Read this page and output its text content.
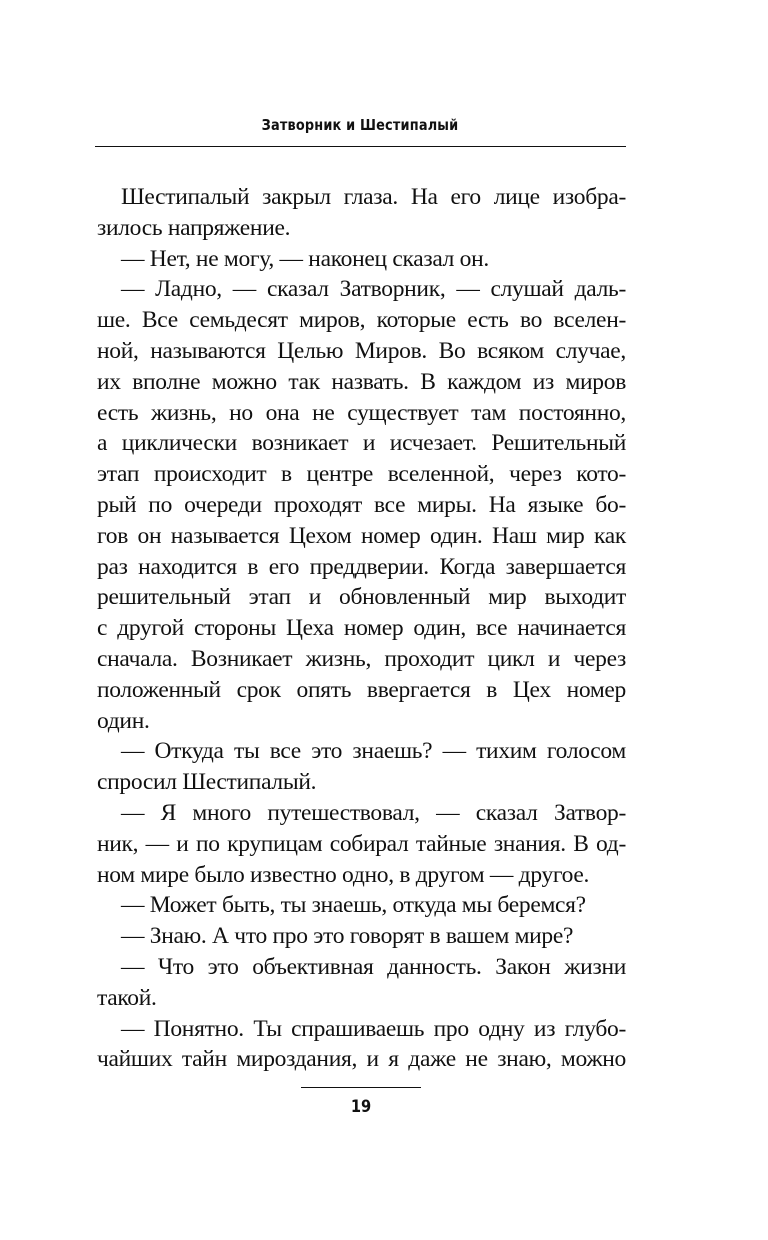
Затворник и Шестипалый
Шестипалый закрыл глаза. На его лице изобра-
зилось напряжение.
— Нет, не могу, — наконец сказал он.
— Ладно, — сказал Затворник, — слушай даль-
ше. Все семьдесят миров, которые есть во вселен-
ной, называются Целью Миров. Во всяком случае,
их вполне можно так назвать. В каждом из миров
есть жизнь, но она не существует там постоянно,
а циклически возникает и исчезает. Решительный
этап происходит в центре вселенной, через кото-
рый по очереди проходят все миры. На языке бо-
гов он называется Цехом номер один. Наш мир как
раз находится в его преддверии. Когда завершается
решительный этап и обновленный мир выходит
с другой стороны Цеха номер один, все начинается
сначала. Возникает жизнь, проходит цикл и через
положенный срок опять ввергается в Цех номер
один.
— Откуда ты все это знаешь? — тихим голосом
спросил Шестипалый.
— Я много путешествовал, — сказал Затвор-
ник, — и по крупицам собирал тайные знания. В од-
ном мире было известно одно, в другом — другое.
— Может быть, ты знаешь, откуда мы беремся?
— Знаю. А что про это говорят в вашем мире?
— Что это объективная данность. Закон жизни
такой.
— Понятно. Ты спрашиваешь про одну из глубо-
чайших тайн мироздания, и я даже не знаю, можно
19
